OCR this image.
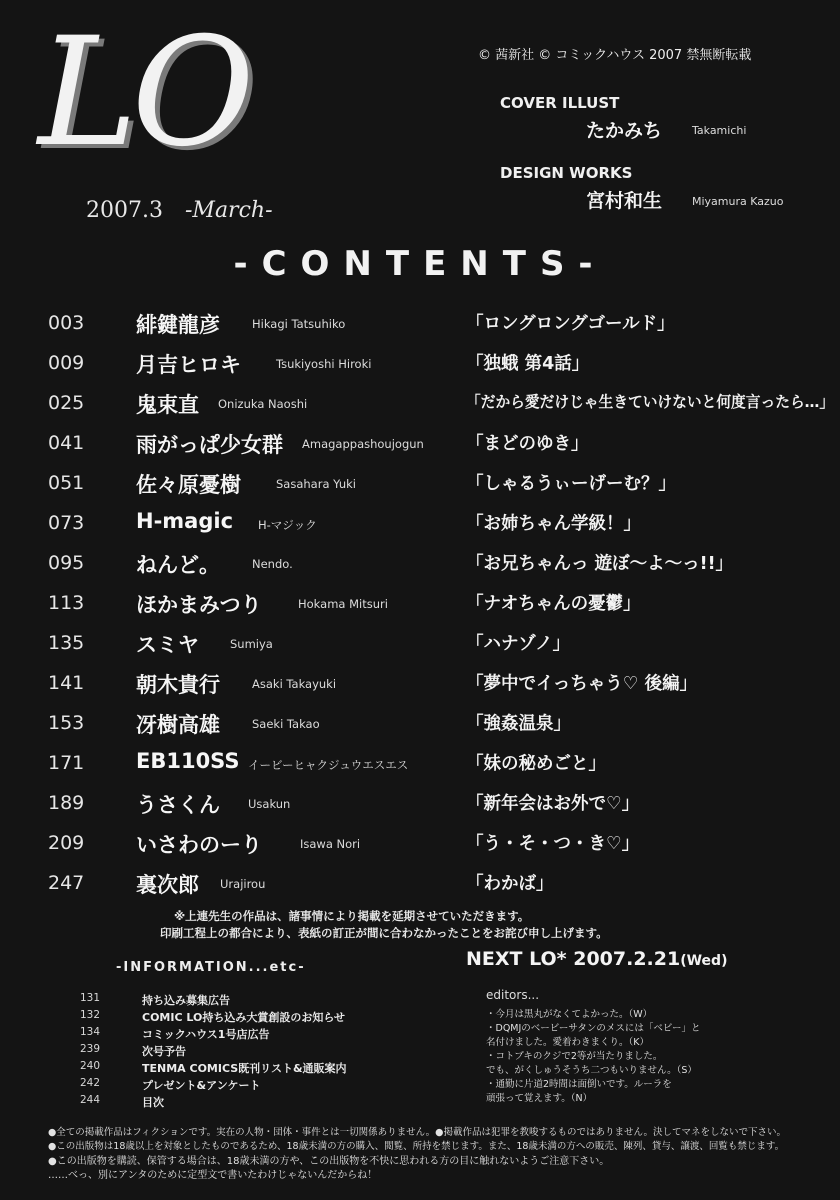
LO
2007.3 -March-
© 茜新社 © コミックハウス 2007 禁無断転載
COVER ILLUST
たかみち	Takamichi
DESIGN WORKS
宮村和生	Miyamura Kazuo
-CONTENTS-
003 緋鍵龍彦	Hikagi Tatsuhiko	「ロングロングゴールド」
009 月吉ヒロキ	Tsukiyoshi Hiroki	「独蛾 第4話」
025 鬼束直 Onizuka Naoshi	「だから愛だけじゃ生きていけないと何度言ったら…」
041 雨がっぱ少女群 Amagappashoujogun 「まどのゆき」
051 佐々原憂樹	Sasahara Yuki	「しゃるうぃーげーむ？」
073 H-magic H-マジック	「お姉ちゃん学級！」
095 ねんど。	Nendo.	「お兄ちゃんっ 遊ぼ～よ～っ!!」
113 ほかまみつり	Hokama Mitsuri	「ナオちゃんの憂鬱」
135 スミヤ	Sumiya	「ハナゾノ」
141 朝木貴行	Asaki Takayuki	「夢中でイっちゃう♡ 後編」
153 冴樹高雄	Saeki Takao	「強姦温泉」
171 EB110SS イービーヒャクジュウエスエス	「妹の秘めごと」
189 うさくん Usakun	「新年会はお外で♡」
209 いさわのーり	Isawa Nori	「う・そ・つ・き♡」
247 裏次郎 Urajirou	「わかば」
※上連先生の作品は、諸事情により掲載を延期させていただきます。
印刷工程上の都合により、表紙の訂正が間に合わなかったことをお詫び申し上げます。
-INFORMATION...etc-
131	持ち込み募集広告
132	COMIC LO持ち込み大賞創設のお知らせ
134	コミックハウス1号店広告
239	次号予告
240	TENMA COMICS既刊リスト&通販案内
242	プレゼント&アンケート
244	目次
NEXT LO* 2007.2.21(Wed)
editors...
・今月は黒丸がなくてよかった。（W）
・DQMJのベービーサタンのメスには「ベビー」と
名付けました。愛着わきまくり。（K）
・コトブキのクジで2等が当たりました。
でも、がくしゅうそうち二つもいりません。（S）
・通勤に片道2時間は面倒いです。ルーラを
頑張って覚えます。（N）
●全ての掲載作品はフィクションです。実在の人物・団体・事件とは一切関係ありません。●掲載作品は犯罪を教唆するものではありません。決してマネをしないで下さい。
●この出版物は18歳以上を対象としたものであるため、18歳未満の方の購入、閲覧、所持を禁じます。また、18歳未満の方への販売、陳列、貸与、譲渡、回覧も禁じます。
●この出版物を購読、保管する場合は、18歳未満の方や、この出版物を不快に思われる方の目に触れないようご注意下さい。
……べっ、別にアンタのために定型文で書いたわけじゃないんだからね！
